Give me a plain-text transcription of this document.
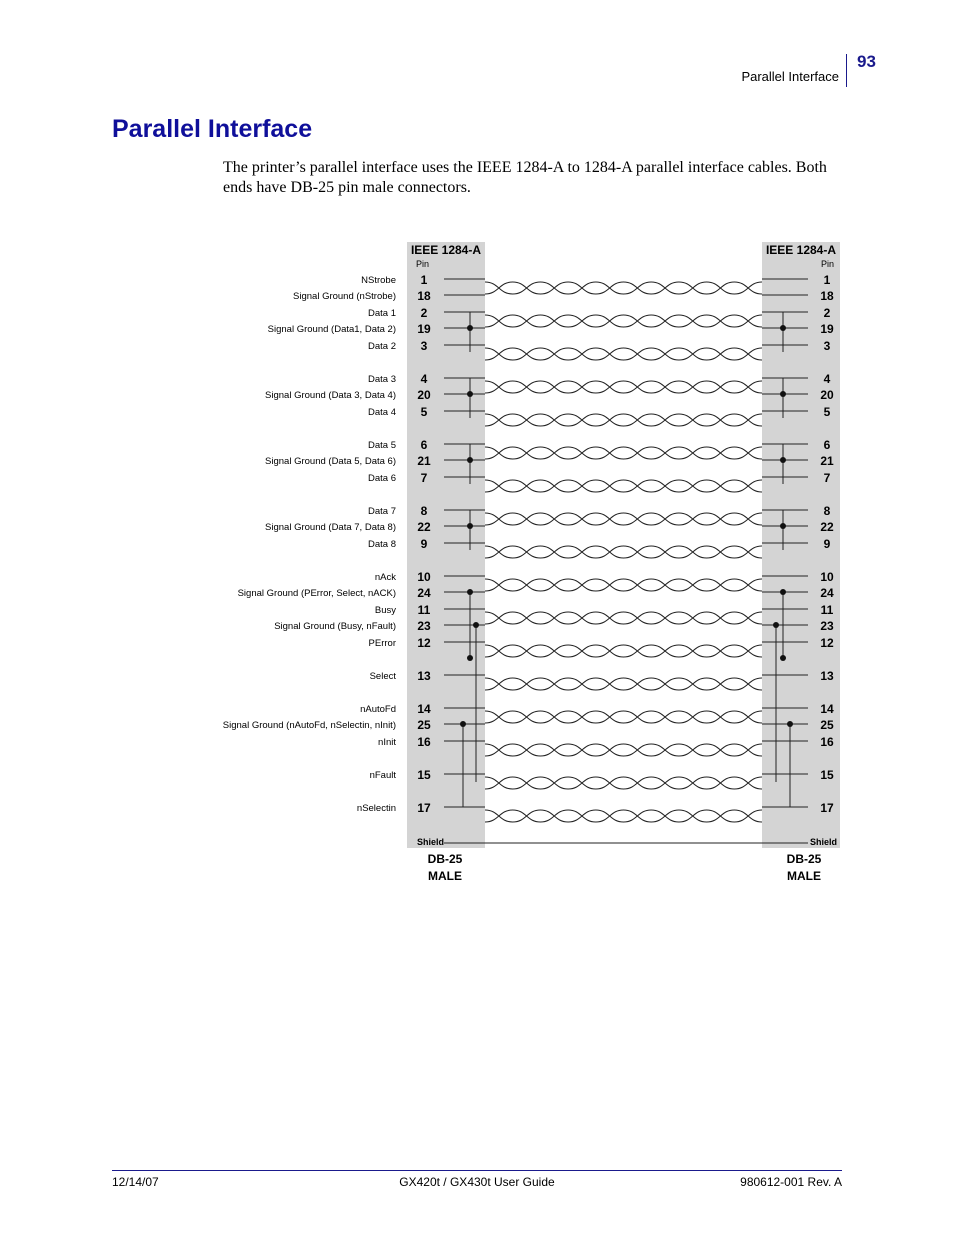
Parallel Interface
93
Parallel Interface

The printer’s parallel interface uses the IEEE 1284-A to 1284-A parallel interface cables. Both ends have DB-25 pin male connectors.

IEEE 1284-A	IEEE 1284-A
Pin	Pin
NStrobe 1	1
Signal Ground (nStrobe) 18	18
Data 1 2	2
Signal Ground (Data1, Data 2) 19	19
Data 2 3	3
Data 3 4	4
Signal Ground (Data 3, Data 4) 20	20
Data 4 5	5
Data 5 6	6
Signal Ground (Data 5, Data 6) 21	21
Data 6 7	7
Data 7 8	8
Signal Ground (Data 7, Data 8) 22	22
Data 8 9	9
nAck 10	10
Signal Ground (PError, Select, nACK) 24	24
Busy 11	11
Signal Ground (Busy, nFault) 23	23
PError 12	12
Select 13	13
nAutoFd 14	14
Signal Ground (nAutoFd, nSelectin, nInit) 25	25
nInit 16	16
nFault 15	15
nSelectin 17	17
Shield	Shield
DB-25
MALE
DB-25
MALE
12/14/07	GX420t / GX430t User Guide	980612-001 Rev. A
